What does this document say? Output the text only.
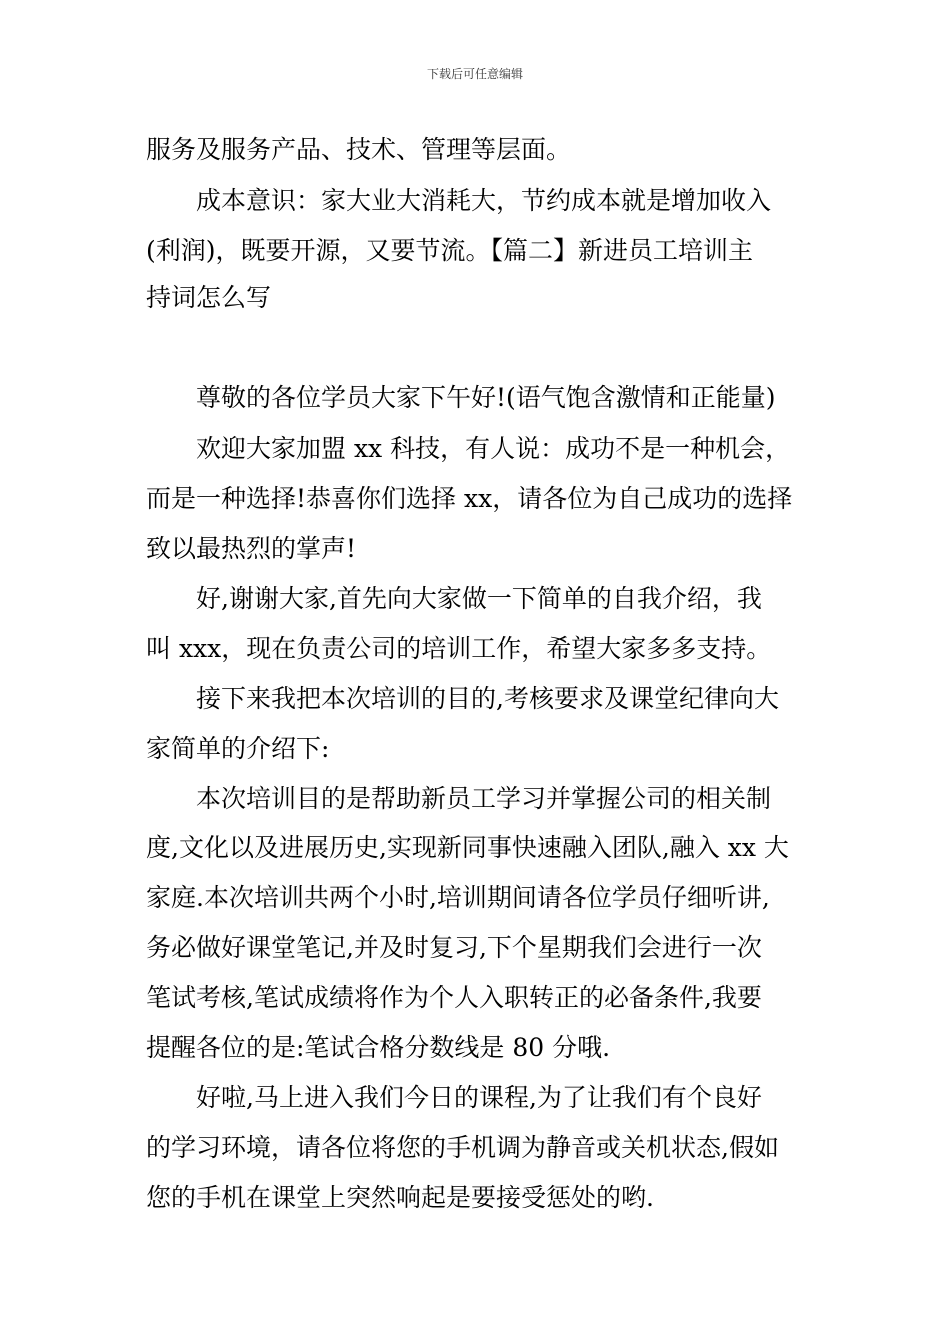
下载后可任意编辑
服务及服务产品、技术、管理等层面。
成本意识：家大业大消耗大，节约成本就是增加收入
(利润)，既要开源，又要节流。【篇二】新进员工培训主
持词怎么写
尊敬的各位学员大家下午好!(语气饱含激情和正能量)
欢迎大家加盟 xx 科技，有人说：成功不是一种机会，
而是一种选择!恭喜你们选择 xx，请各位为自己成功的选择
致以最热烈的掌声!
好,谢谢大家,首先向大家做一下简单的自我介绍，我
叫 xxx，现在负责公司的培训工作，希望大家多多支持。
接下来我把本次培训的目的,考核要求及课堂纪律向大
家简单的介绍下:
本次培训目的是帮助新员工学习并掌握公司的相关制
度,文化以及进展历史,实现新同事快速融入团队,融入 xx 大
家庭.本次培训共两个小时,培训期间请各位学员仔细听讲,
务必做好课堂笔记,并及时复习,下个星期我们会进行一次
笔试考核,笔试成绩将作为个人入职转正的必备条件,我要
提醒各位的是:笔试合格分数线是 80 分哦.
好啦,马上进入我们今日的课程,为了让我们有个良好
的学习环境，请各位将您的手机调为静音或关机状态,假如
您的手机在课堂上突然响起是要接受惩处的哟.
